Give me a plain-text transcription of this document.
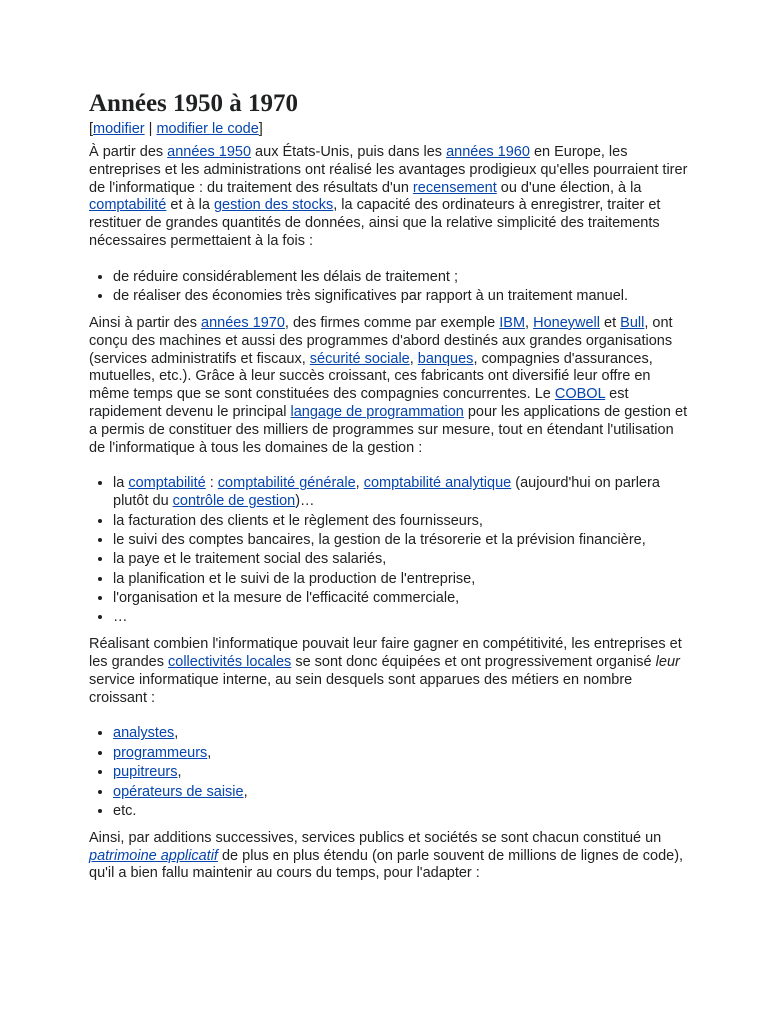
Années 1950 à 1970
[modifier | modifier le code]

À partir des années 1950 aux États-Unis, puis dans les années 1960 en Europe, les entreprises et les administrations ont réalisé les avantages prodigieux qu'elles pourraient tirer de l'informatique : du traitement des résultats d'un recensement ou d'une élection, à la comptabilité et à la gestion des stocks, la capacité des ordinateurs à enregistrer, traiter et restituer de grandes quantités de données, ainsi que la relative simplicité des traitements nécessaires permettaient à la fois :

• de réduire considérablement les délais de traitement ;
• de réaliser des économies très significatives par rapport à un traitement manuel.

Ainsi à partir des années 1970, des firmes comme par exemple IBM, Honeywell et Bull, ont conçu des machines et aussi des programmes d'abord destinés aux grandes organisations (services administratifs et fiscaux, sécurité sociale, banques, compagnies d'assurances, mutuelles, etc.). Grâce à leur succès croissant, ces fabricants ont diversifié leur offre en même temps que se sont constituées des compagnies concurrentes. Le COBOL est rapidement devenu le principal langage de programmation pour les applications de gestion et a permis de constituer des milliers de programmes sur mesure, tout en étendant l'utilisation de l'informatique à tous les domaines de la gestion :

• la comptabilité : comptabilité générale, comptabilité analytique (aujourd'hui on parlera plutôt du contrôle de gestion)…
• la facturation des clients et le règlement des fournisseurs,
• le suivi des comptes bancaires, la gestion de la trésorerie et la prévision financière,
• la paye et le traitement social des salariés,
• la planification et le suivi de la production de l'entreprise,
• l'organisation et la mesure de l'efficacité commerciale,
• …

Réalisant combien l'informatique pouvait leur faire gagner en compétitivité, les entreprises et les grandes collectivités locales se sont donc équipées et ont progressivement organisé leur service informatique interne, au sein desquels sont apparues des métiers en nombre croissant :

• analystes,
• programmeurs,
• pupitreurs,
• opérateurs de saisie,
• etc.

Ainsi, par additions successives, services publics et sociétés se sont chacun constitué un patrimoine applicatif de plus en plus étendu (on parle souvent de millions de lignes de code), qu'il a bien fallu maintenir au cours du temps, pour l'adapter :
